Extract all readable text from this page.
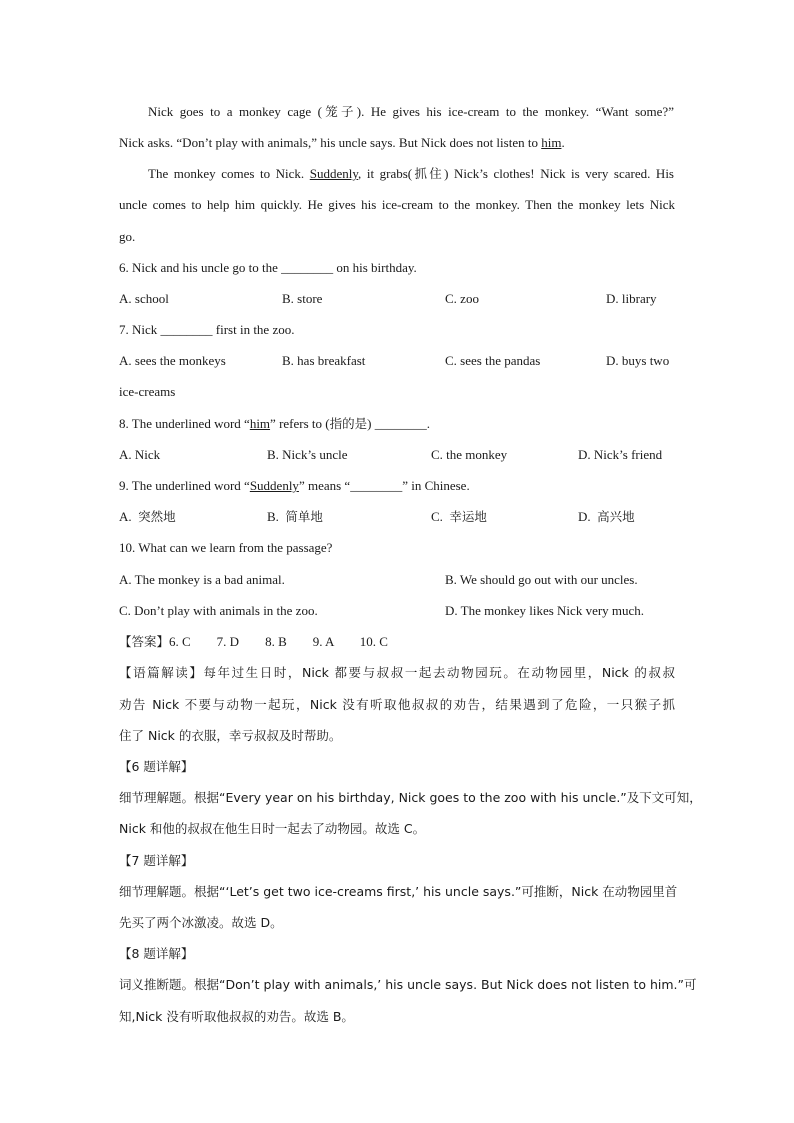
Nick goes to a monkey cage (笼子). He gives his ice-cream to the monkey. “Want some?”
Nick asks. “Don’t play with animals,” his uncle says. But Nick does not listen to him.
The monkey comes to Nick. Suddenly, it grabs(抓住) Nick’s clothes! Nick is very scared. His
uncle comes to help him quickly. He gives his ice-cream to the monkey. Then the monkey lets Nick
go.
6. Nick and his uncle go to the ________ on his birthday.
A. school	B. store	C. zoo	D. library
7. Nick ________ first in the zoo.
A. sees the monkeys	B. has breakfast	C. sees the pandas	D. buys two
ice-creams
8. The underlined word “him” refers to (指的是) ________.
A. Nick	B. Nick’s uncle	C. the monkey	D. Nick’s friend
9. The underlined word “Suddenly” means “________” in Chinese.
A. 突然地	B. 简单地	C. 幸运地	D. 高兴地
10. What can we learn from the passage?
A. The monkey is a bad animal.	B. We should go out with our uncles.
C. Don’t play with animals in the zoo.	D. The monkey likes Nick very much.
【答案】6. C        7. D        8. B        9. A        10. C
【语篇解读】每年过生日时，Nick 都要与叔叔一起去动物园玩。在动物园里，Nick 的叔叔
劝告 Nick 不要与动物一起玩，Nick 没有听取他叔叔的劝告，结果遇到了危险，一只猴子抓
住了 Nick 的衣服，幸亏叔叔及时帮助。
【6 题详解】
细节理解题。根据“Every year on his birthday, Nick goes to the zoo with his uncle.”及下文可知，
Nick 和他的叔叔在他生日时一起去了动物园。故选 C。
【7 题详解】
细节理解题。根据“‘Let’s get two ice-creams first,’ his uncle says.”可推断，Nick 在动物园里首
先买了两个冰激凌。故选 D。
【8 题详解】
词义推断题。根据“Don’t play with animals,’ his uncle says. But Nick does not listen to him.”可
知,Nick 没有听取他叔叔的劝告。故选 B。
